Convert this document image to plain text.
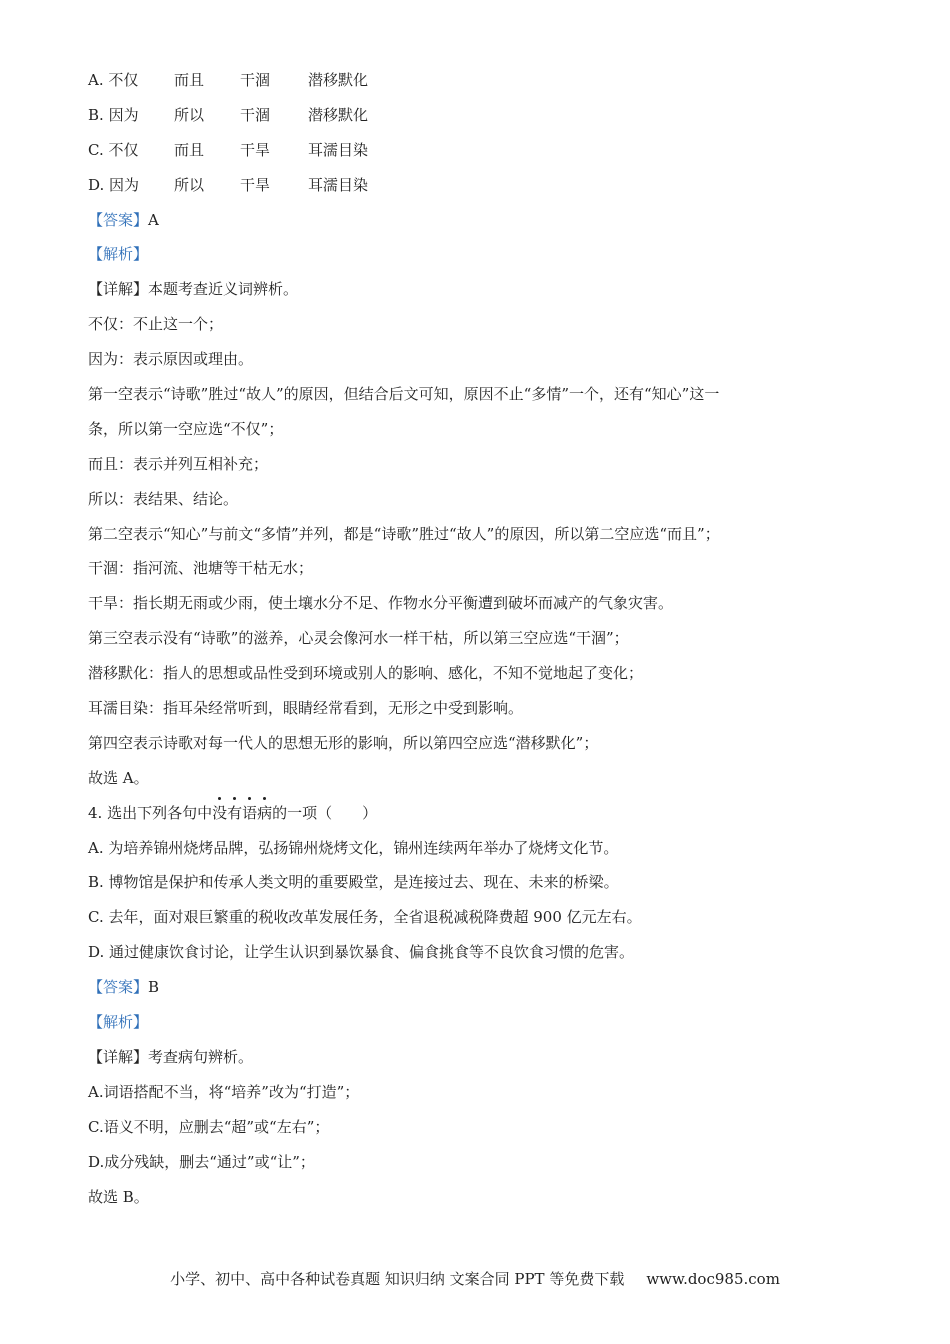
A. 不仅 而且 干涸	潜移默化
B. 因为 所以 干涸	潜移默化
C. 不仅 而且 干旱	耳濡目染
D. 因为 所以 干旱	耳濡目染
【答案】A
【解析】
【详解】本题考查近义词辨析。
不仅：不止这一个；
因为：表示原因或理由。
第一空表示“诗歌”胜过“故人”的原因，但结合后文可知，原因不止“多情”一个，还有“知心”这一
条，所以第一空应选“不仅”；
而且：表示并列互相补充；
所以：表结果、结论。
第二空表示“知心”与前文“多情”并列，都是“诗歌”胜过“故人”的原因，所以第二空应选“而且”；
干涸：指河流、池塘等干枯无水；
干旱：指长期无雨或少雨，使土壤水分不足、作物水分平衡遭到破坏而减产的气象灾害。
第三空表示没有“诗歌”的滋养，心灵会像河水一样干枯，所以第三空应选“干涸”；
潜移默化：指人的思想或品性受到环境或别人的影响、感化，不知不觉地起了变化；
耳濡目染：指耳朵经常听到，眼睛经常看到，无形之中受到影响。
第四空表示诗歌对每一代人的思想无形的影响，所以第四空应选“潜移默化”；
故选 A。
4. 选出下列各句中没有语病的一项（　　）
A. 为培养锦州烧烤品牌，弘扬锦州烧烤文化，锦州连续两年举办了烧烤文化节。
B. 博物馆是保护和传承人类文明的重要殿堂，是连接过去、现在、未来的桥梁。
C. 去年，面对艰巨繁重的税收改革发展任务，全省退税减税降费超 900 亿元左右。
D. 通过健康饮食讨论，让学生认识到暴饮暴食、偏食挑食等不良饮食习惯的危害。
【答案】B
【解析】
【详解】考查病句辨析。
A.词语搭配不当，将“培养”改为“打造”；
C.语义不明，应删去“超”或“左右”；
D.成分残缺，删去“通过”或“让”；
故选 B。
小学、初中、高中各种试卷真题 知识归纳 文案合同 PPT 等免费下载 www.doc985.com
